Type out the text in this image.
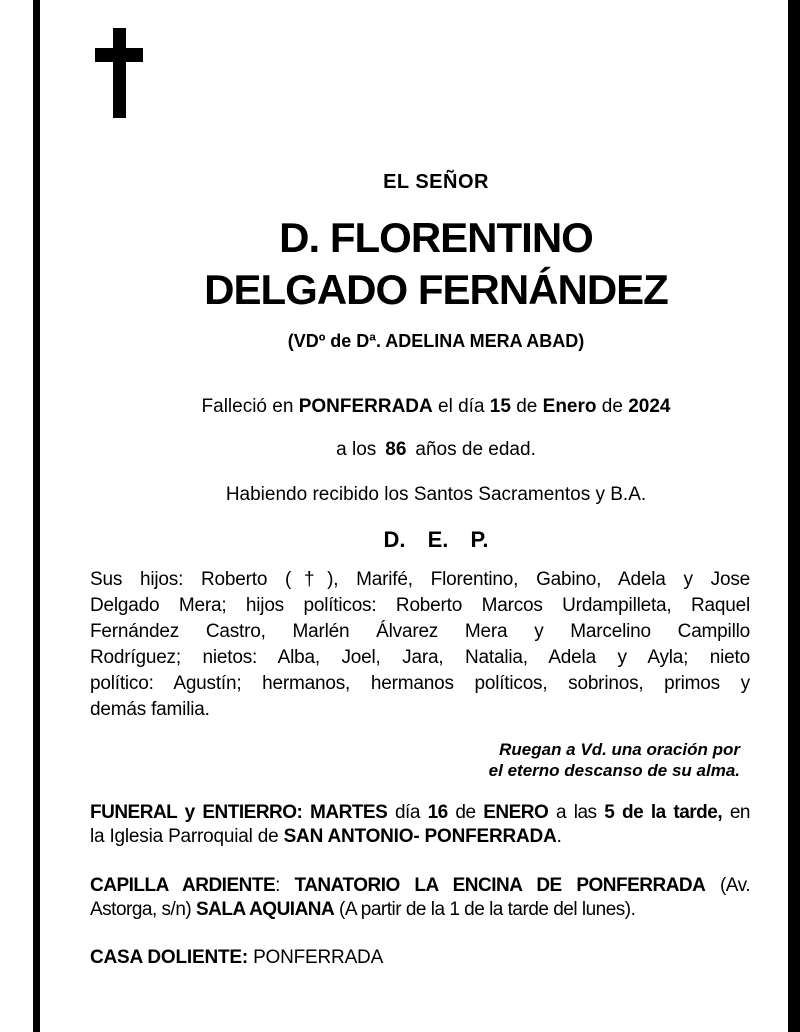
EL SEÑOR
D. FLORENTINO
DELGADO FERNÁNDEZ
(VDº de Dª. ADELINA MERA ABAD)
Falleció en PONFERRADA el día 15 de Enero de 2024
a los 86 años de edad.
Habiendo recibido los Santos Sacramentos y B.A.
D. E. P.
Sus hijos: Roberto (†), Marifé, Florentino, Gabino, Adela y Jose
Delgado Mera; hijos políticos: Roberto Marcos Urdampilleta, Raquel
Fernández Castro, Marlén Álvarez Mera y Marcelino Campillo
Rodríguez; nietos: Alba, Joel, Jara, Natalia, Adela y Ayla; nieto
político: Agustín; hermanos, hermanos políticos, sobrinos, primos y
demás familia.
Ruegan a Vd. una oración por
el eterno descanso de su alma.
FUNERAL y ENTIERRO: MARTES día 16 de ENERO a las 5 de la tarde, en
la Iglesia Parroquial de SAN ANTONIO- PONFERRADA.
CAPILLA ARDIENTE: TANATORIO LA ENCINA DE PONFERRADA (Av.
Astorga, s/n) SALA AQUIANA (A partir de la 1 de la tarde del lunes).
CASA DOLIENTE: PONFERRADA
